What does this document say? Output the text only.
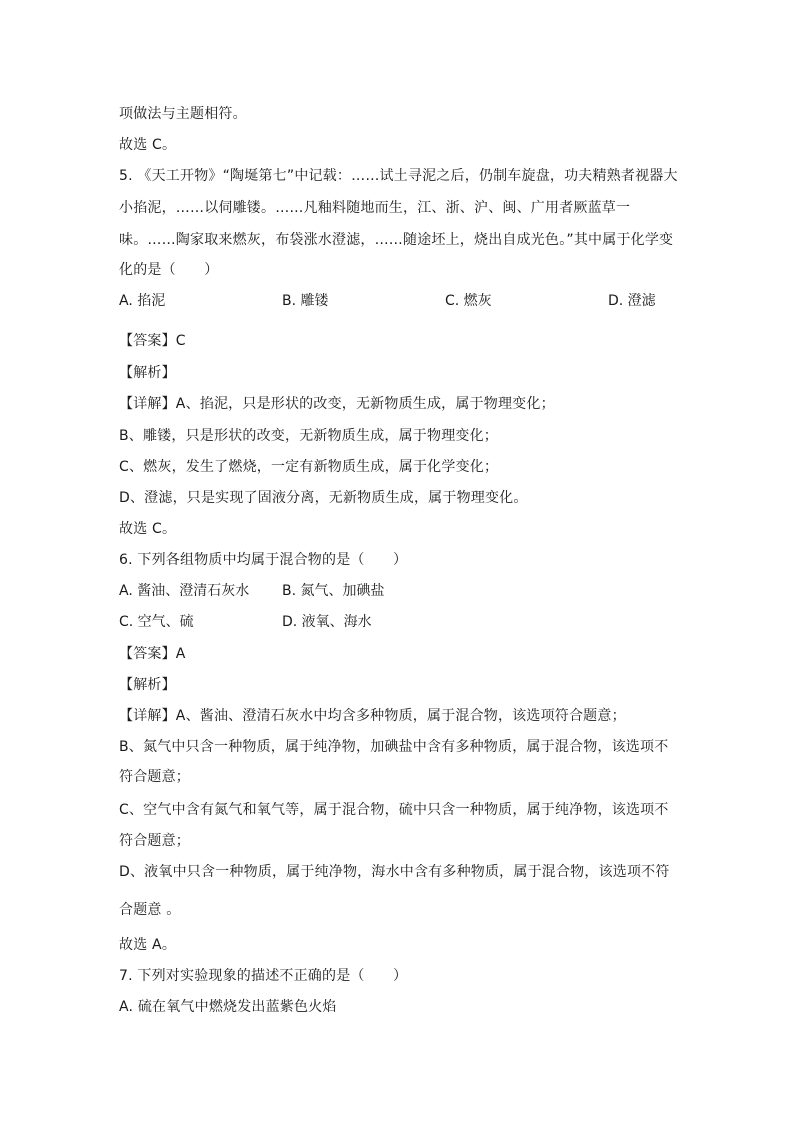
项做法与主题相符。
故选 C。
5. 《天工开物》“陶埏第七”中记载：……试土寻泥之后，仍制车旋盘，功夫精熟者视器大
小掐泥，……以伺雕镂。……凡釉料随地而生，江、浙、沪、闽、广用者厥蓝草一
味。……陶家取来燃灰，布袋涨水澄滤，……随途坯上，烧出自成光色。”其中属于化学变
化的是（　　）
A. 掐泥	B. 雕镂	C. 燃灰	D. 澄滤
【答案】C
【解析】
【详解】A、掐泥，只是形状的改变，无新物质生成，属于物理变化；
B、雕镂，只是形状的改变，无新物质生成，属于物理变化；
C、燃灰，发生了燃烧，一定有新物质生成，属于化学变化；
D、澄滤，只是实现了固液分离，无新物质生成，属于物理变化。
故选 C。
6. 下列各组物质中均属于混合物的是（　　）
A. 酱油、澄清石灰水 B. 氮气、加碘盐
C. 空气、硫	D. 液氧、海水
【答案】A
【解析】
【详解】A、酱油、澄清石灰水中均含多种物质，属于混合物，该选项符合题意；
B、氮气中只含一种物质，属于纯净物，加碘盐中含有多种物质，属于混合物，该选项不
符合题意；
C、空气中含有氮气和氧气等，属于混合物，硫中只含一种物质，属于纯净物，该选项不
符合题意；
D、液氧中只含一种物质，属于纯净物，海水中含有多种物质，属于混合物，该选项不符
合题意 。
故选 A。
7. 下列对实验现象的描述不正确的是（　　）
A. 硫在氧气中燃烧发出蓝紫色火焰
